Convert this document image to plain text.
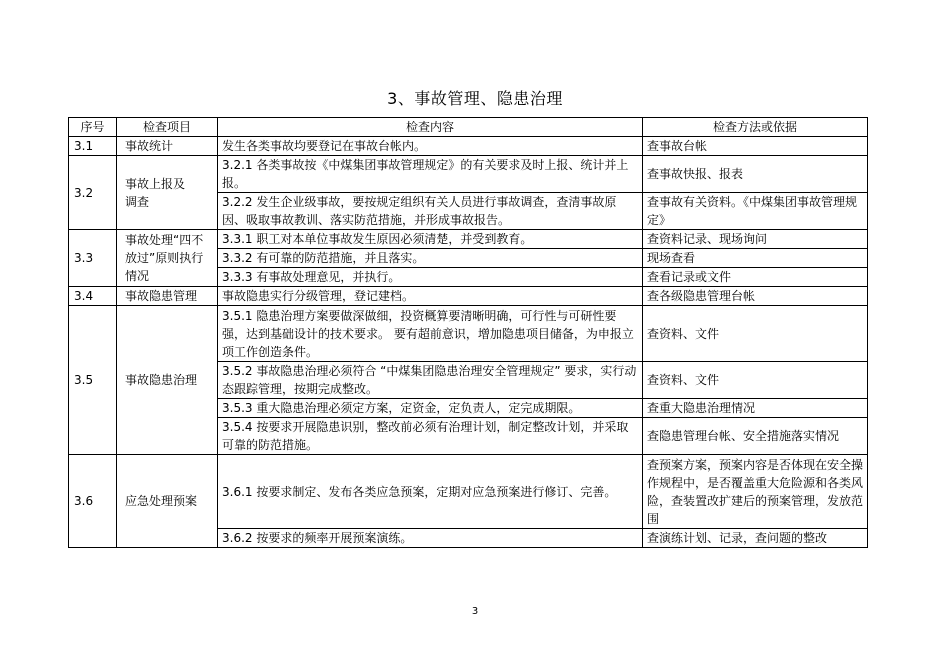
3、事故管理、隐患治理
序号	检查项目	检查内容	检查方法或依据
3.1	事故统计	发生各类事故均要登记在事故台帐内。	查事故台帐
3.2	事故上报及调查	3.2.1 各类事故按《中煤集团事故管理规定》的有关要求及时上报、统计并上报。	查事故快报、报表
		3.2.2 发生企业级事故，要按规定组织有关人员进行事故调查，查清事故原因、吸取事故教训、落实防范措施，并形成事故报告。	查事故有关资料。《中煤集团事故管理规定》
3.3	事故处理“四不放过”原则执行情况	3.3.1 职工对本单位事故发生原因必须清楚，并受到教育。	查资料记录、现场询问
		3.3.2 有可靠的防范措施，并且落实。	现场查看
		3.3.3 有事故处理意见，并执行。	查看记录或文件
3.4	事故隐患管理	事故隐患实行分级管理，登记建档。	查各级隐患管理台帐
3.5	事故隐患治理	3.5.1 隐患治理方案要做深做细，投资概算要清晰明确，可行性与可研性要强，达到基础设计的技术要求。 要有超前意识，增加隐患项目储备，为申报立项工作创造条件。	查资料、文件
		3.5.2 事故隐患治理必须符合 “中煤集团隐患治理安全管理规定” 要求，实行动态跟踪管理，按期完成整改。	查资料、文件
		3.5.3 重大隐患治理必须定方案，定资金，定负责人，定完成期限。	查重大隐患治理情况
		3.5.4 按要求开展隐患识别，整改前必须有治理计划，制定整改计划，并采取可靠的防范措施。	查隐患管理台帐、安全措施落实情况
3.6	应急处理预案	3.6.1 按要求制定、发布各类应急预案，定期对应急预案进行修订、完善。	查预案方案，预案内容是否体现在安全操作规程中，是否覆盖重大危险源和各类风险，查装置改扩建后的预案管理，发放范围
		3.6.2 按要求的频率开展预案演练。	查演练计划、记录，查问题的整改
3
